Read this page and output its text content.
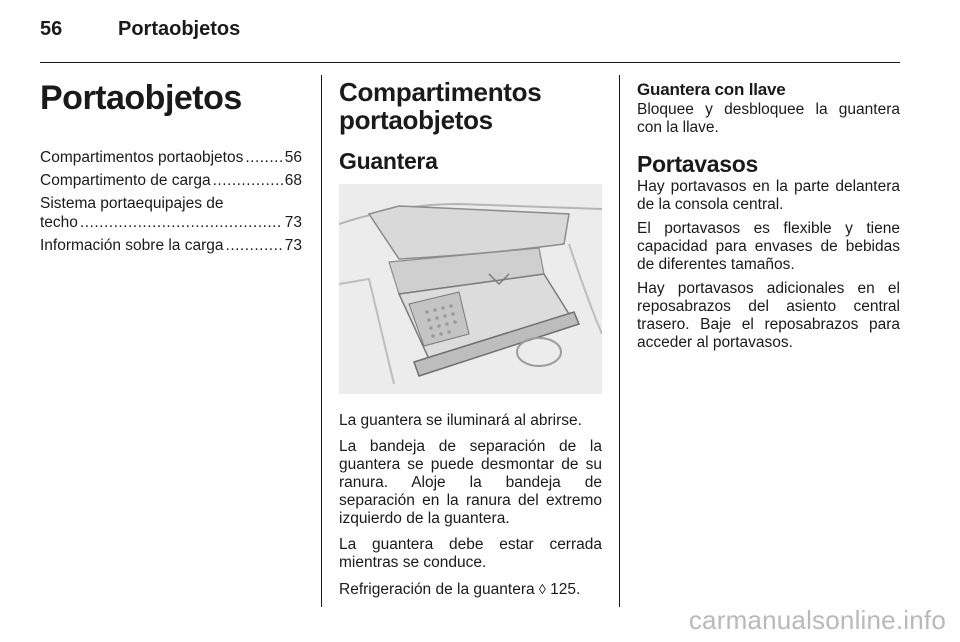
56	Portaobjetos
Portaobjetos
Compartimentos portaobjetos .....	56
Compartimento de carga .....	68
Sistema portaequipajes de
techo .....	73
Información sobre la carga .....	73
Compartimentos portaobjetos
Guantera

La guantera se iluminará al abrirse.

La bandeja de separación de la guantera se puede desmontar de su ranura. Aloje la bandeja de separación en la ranura del extremo izquierdo de la guantera.

La guantera debe estar cerrada mientras se conduce.

Refrigeración de la guantera ◊ 125.

Guantera con llave

Bloquee y desbloquee la guantera con la llave.

Portavasos

Hay portavasos en la parte delantera de la consola central.

El portavasos es flexible y tiene capacidad para envases de bebidas de diferentes tamaños.

Hay portavasos adicionales en el reposabrazos del asiento central trasero. Baje el reposabrazos para acceder al portavasos.

carmanualsonline.info
